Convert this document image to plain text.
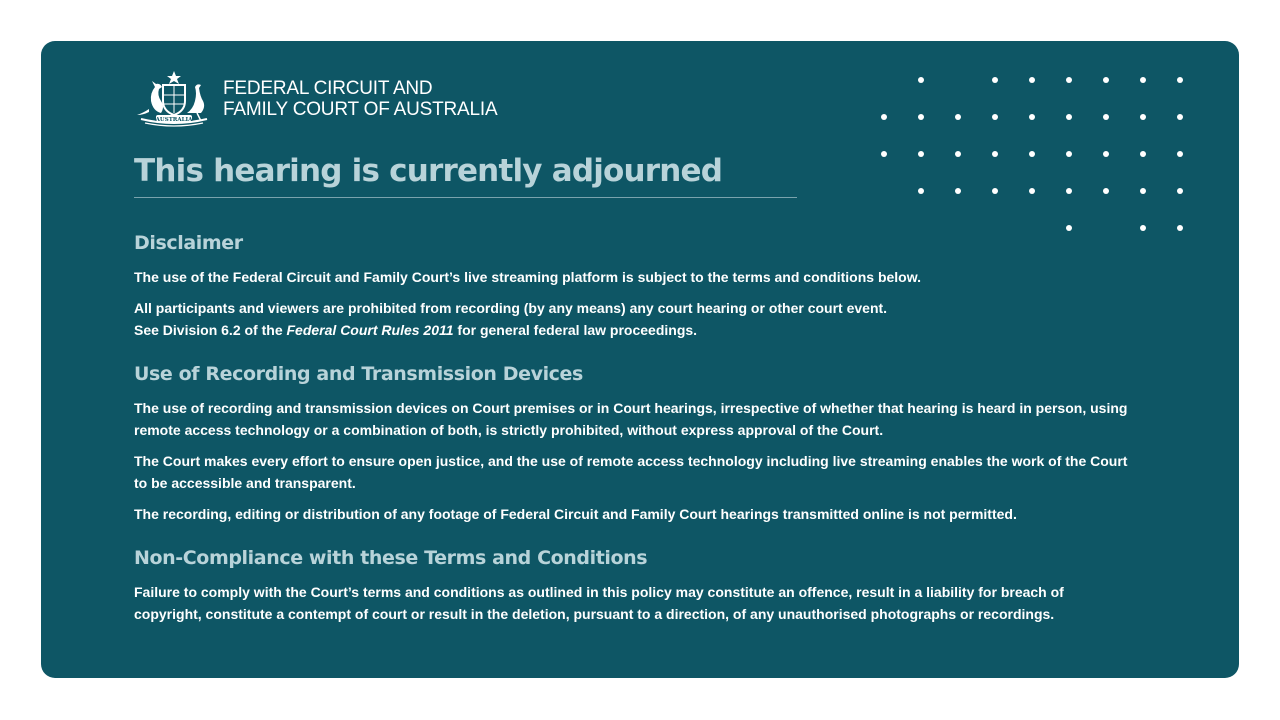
AUSTRALIA
FEDERAL CIRCUIT AND
FAMILY COURT OF AUSTRALIA
This hearing is currently adjourned
Disclaimer

The use of the Federal Circuit and Family Court’s live streaming platform is subject to the terms and conditions below.

All participants and viewers are prohibited from recording (by any means) any court hearing or other court event.

See Division 6.2 of the Federal Court Rules 2011 for general federal law proceedings.

Use of Recording and Transmission Devices

The use of recording and transmission devices on Court premises or in Court hearings, irrespective of whether that hearing is heard in person, using remote access technology or a combination of both, is strictly prohibited, without express approval of the Court.

The Court makes every effort to ensure open justice, and the use of remote access technology including live streaming enables the work of the Court to be accessible and transparent.

The recording, editing or distribution of any footage of Federal Circuit and Family Court hearings transmitted online is not permitted.

Non-Compliance with these Terms and Conditions

Failure to comply with the Court’s terms and conditions as outlined in this policy may constitute an offence, result in a liability for breach of copyright, constitute a contempt of court or result in the deletion, pursuant to a direction, of any unauthorised photographs or recordings.
